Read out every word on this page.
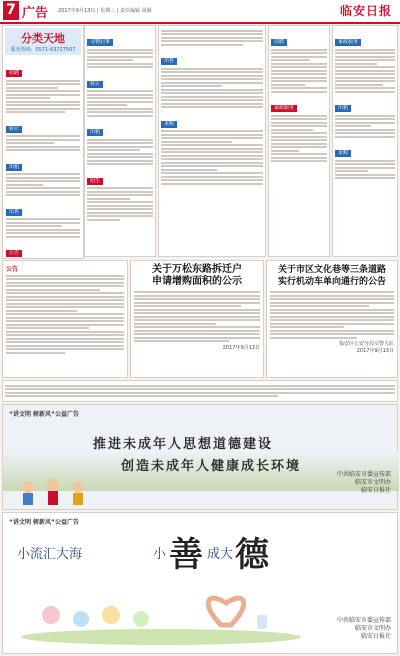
7 广告 2017年9月13日 | 星期三 | 责任编辑 周颖	临安日报
分类天地
服务热线：0571-63727567
招聘
转让
出租
出售
公告
寻物启事
转让
出租
招生
出售
求购
招聘
家政服务
家政服务
出租
求购
公告	关于万松东路拆迁户
申请增购面积的公示
2017年9月13日
关于市区文化巷等三条道路
实行机动车单向通行的公告
临安区公安分局交警大队
2017年9月13日
“讲文明 树新风”公益广告
推进未成年人思想道德建设
创造未成年人健康成长环境
中共临安市委宣传部
临安市文明办
临安日报社
“讲文明 树新风”公益广告
小流汇大海	小 善 成大 德
中共临安市委宣传部
临安市文明办
临安日报社
